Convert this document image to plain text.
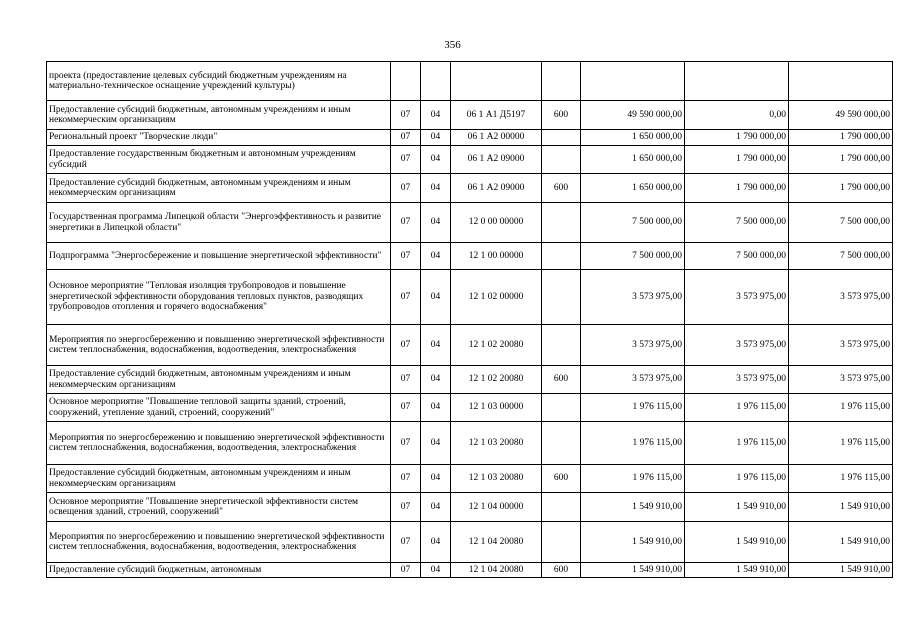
356
проекта (предоставление целевых субсидий бюджетным учреждениям на материально-техническое оснащение учреждений культуры)							
Предоставление субсидий бюджетным, автономным учреждениям и иным некоммерческим организациям	07	04	06 1 А1 Д5197	600	49 590 000,00	0,00	49 590 000,00
Региональный проект "Творческие люди"	07	04	06 1 А2 00000		1 650 000,00	1 790 000,00	1 790 000,00
Предоставление государственным бюджетным и автономным учреждениям субсидий	07	04	06 1 А2 09000		1 650 000,00	1 790 000,00	1 790 000,00
Предоставление субсидий бюджетным, автономным учреждениям и иным некоммерческим организациям	07	04	06 1 А2 09000	600	1 650 000,00	1 790 000,00	1 790 000,00
Государственная программа Липецкой области "Энергоэффективность и развитие энергетики в Липецкой области"	07	04	12 0 00 00000		7 500 000,00	7 500 000,00	7 500 000,00
Подпрограмма "Энергосбережение и повышение энергетической эффективности"	07	04	12 1 00 00000		7 500 000,00	7 500 000,00	7 500 000,00
Основное мероприятие "Тепловая изоляция трубопроводов и повышение энергетической эффективности оборудования тепловых пунктов, разводящих трубопроводов отопления и горячего водоснабжения"	07	04	12 1 02 00000		3 573 975,00	3 573 975,00	3 573 975,00
Мероприятия по энергосбережению и повышению энергетической эффективности систем теплоснабжения, водоснабжения, водоотведения, электроснабжения	07	04	12 1 02 20080		3 573 975,00	3 573 975,00	3 573 975,00
Предоставление субсидий бюджетным, автономным учреждениям и иным некоммерческим организациям	07	04	12 1 02 20080	600	3 573 975,00	3 573 975,00	3 573 975,00
Основное мероприятие "Повышение тепловой защиты зданий, строений, сооружений, утепление зданий, строений, сооружений"	07	04	12 1 03 00000		1 976 115,00	1 976 115,00	1 976 115,00
Мероприятия по энергосбережению и повышению энергетической эффективности систем теплоснабжения, водоснабжения, водоотведения, электроснабжения	07	04	12 1 03 20080		1 976 115,00	1 976 115,00	1 976 115,00
Предоставление субсидий бюджетным, автономным учреждениям и иным некоммерческим организациям	07	04	12 1 03 20080	600	1 976 115,00	1 976 115,00	1 976 115,00
Основное мероприятие "Повышение энергетической эффективности систем освещения зданий, строений, сооружений"	07	04	12 1 04 00000		1 549 910,00	1 549 910,00	1 549 910,00
Мероприятия по энергосбережению и повышению энергетической эффективности систем теплоснабжения, водоснабжения, водоотведения, электроснабжения	07	04	12 1 04 20080		1 549 910,00	1 549 910,00	1 549 910,00
Предоставление субсидий бюджетным, автономным	07	04	12 1 04 20080	600	1 549 910,00	1 549 910,00	1 549 910,00
